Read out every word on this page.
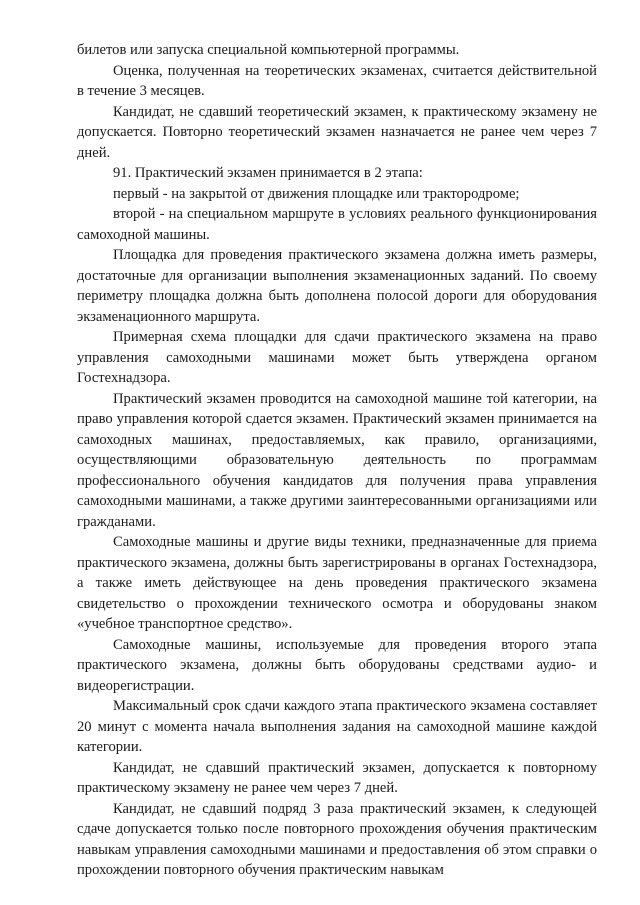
билетов или запуска специальной компьютерной программы.

Оценка, полученная на теоретических экзаменах, считается действительной в течение 3 месяцев.

Кандидат, не сдавший теоретический экзамен, к практическому экзамену не допускается. Повторно теоретический экзамен назначается не ранее чем через 7 дней.

91. Практический экзамен принимается в 2 этапа:

первый - на закрытой от движения площадке или трактородроме;

второй - на специальном маршруте в условиях реального функционирования самоходной машины.

Площадка для проведения практического экзамена должна иметь размеры, достаточные для организации выполнения экзаменационных заданий. По своему периметру площадка должна быть дополнена полосой дороги для оборудования экзаменационного маршрута.

Примерная схема площадки для сдачи практического экзамена на право управления самоходными машинами может быть утверждена органом Гостехнадзора.

Практический экзамен проводится на самоходной машине той категории, на право управления которой сдается экзамен. Практический экзамен принимается на самоходных машинах, предоставляемых, как правило, организациями, осуществляющими образовательную деятельность по программам профессионального обучения кандидатов для получения права управления самоходными машинами, а также другими заинтересованными организациями или гражданами.

Самоходные машины и другие виды техники, предназначенные для приема практического экзамена, должны быть зарегистрированы в органах Гостехнадзора, а также иметь действующее на день проведения практического экзамена свидетельство о прохождении технического осмотра и оборудованы знаком «учебное транспортное средство».

Самоходные машины, используемые для проведения второго этапа практического экзамена, должны быть оборудованы средствами аудио- и видеорегистрации.

Максимальный срок сдачи каждого этапа практического экзамена составляет 20 минут с момента начала выполнения задания на самоходной машине каждой категории.

Кандидат, не сдавший практический экзамен, допускается к повторному практическому экзамену не ранее чем через 7 дней.

Кандидат, не сдавший подряд 3 раза практический экзамен, к следующей сдаче допускается только после повторного прохождения обучения практическим навыкам управления самоходными машинами и предоставления об этом справки о прохождении повторного обучения практическим навыкам
